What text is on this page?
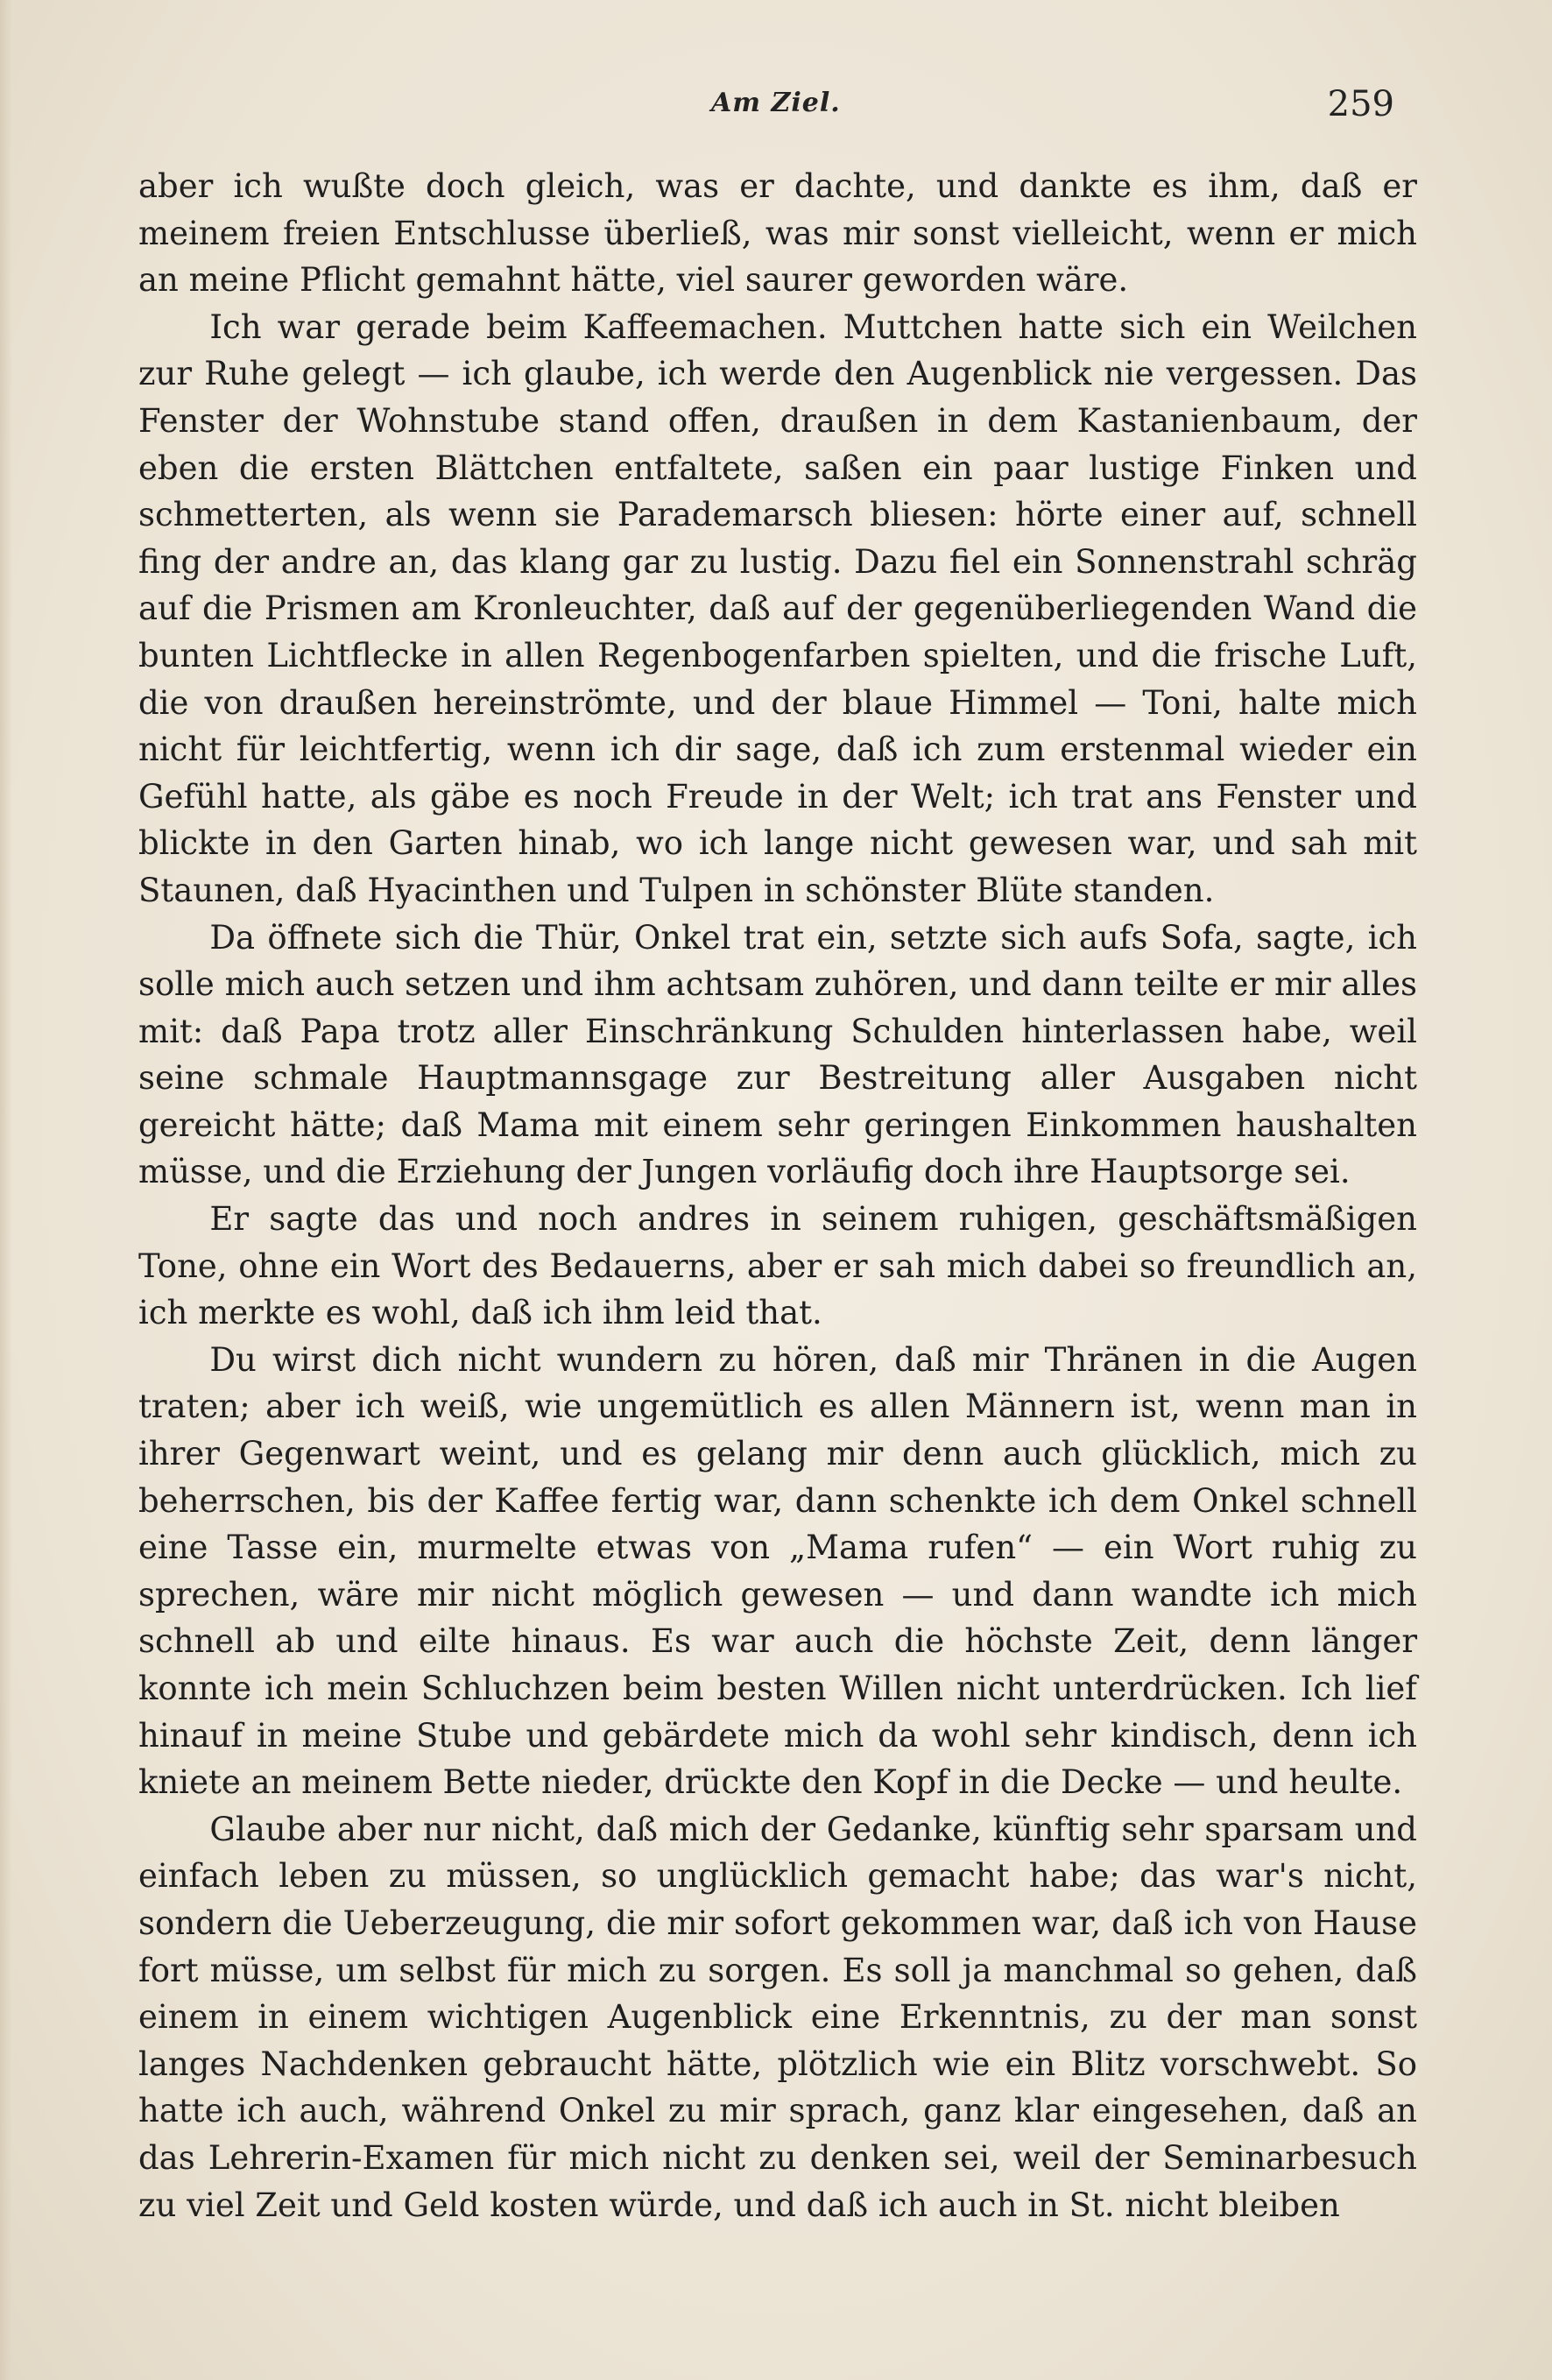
Am Ziel.	259

aber ich wußte doch gleich, was er dachte, und dankte es ihm, daß er meinem freien Entschlusse überließ, was mir sonst vielleicht, wenn er mich an meine Pflicht gemahnt hätte, viel saurer geworden wäre.

Ich war gerade beim Kaffeemachen. Muttchen hatte sich ein Weilchen zur Ruhe gelegt — ich glaube, ich werde den Augenblick nie vergessen. Das Fenster der Wohnstube stand offen, draußen in dem Kastanienbaum, der eben die ersten Blättchen entfaltete, saßen ein paar lustige Finken und schmetterten, als wenn sie Parademarsch bliesen: hörte einer auf, schnell fing der andre an, das klang gar zu lustig. Dazu fiel ein Sonnenstrahl schräg auf die Prismen am Kronleuchter, daß auf der gegenüberliegenden Wand die bunten Lichtflecke in allen Regenbogenfarben spielten, und die frische Luft, die von draußen hereinströmte, und der blaue Himmel — Toni, halte mich nicht für leichtfertig, wenn ich dir sage, daß ich zum erstenmal wieder ein Gefühl hatte, als gäbe es noch Freude in der Welt; ich trat ans Fenster und blickte in den Garten hinab, wo ich lange nicht gewesen war, und sah mit Staunen, daß Hyacinthen und Tulpen in schönster Blüte standen.

Da öffnete sich die Thür, Onkel trat ein, setzte sich aufs Sofa, sagte, ich solle mich auch setzen und ihm achtsam zuhören, und dann teilte er mir alles mit: daß Papa trotz aller Einschränkung Schulden hinterlassen habe, weil seine schmale Hauptmannsgage zur Bestreitung aller Ausgaben nicht gereicht hätte; daß Mama mit einem sehr geringen Einkommen haushalten müsse, und die Erziehung der Jungen vorläufig doch ihre Hauptsorge sei.

Er sagte das und noch andres in seinem ruhigen, geschäftsmäßigen Tone, ohne ein Wort des Bedauerns, aber er sah mich dabei so freundlich an, ich merkte es wohl, daß ich ihm leid that.

Du wirst dich nicht wundern zu hören, daß mir Thränen in die Augen traten; aber ich weiß, wie ungemütlich es allen Männern ist, wenn man in ihrer Gegenwart weint, und es gelang mir denn auch glücklich, mich zu beherrschen, bis der Kaffee fertig war, dann schenkte ich dem Onkel schnell eine Tasse ein, murmelte etwas von „Mama rufen“ — ein Wort ruhig zu sprechen, wäre mir nicht möglich gewesen — und dann wandte ich mich schnell ab und eilte hinaus. Es war auch die höchste Zeit, denn länger konnte ich mein Schluchzen beim besten Willen nicht unterdrücken. Ich lief hinauf in meine Stube und gebärdete mich da wohl sehr kindisch, denn ich kniete an meinem Bette nieder, drückte den Kopf in die Decke — und heulte.

Glaube aber nur nicht, daß mich der Gedanke, künftig sehr sparsam und einfach leben zu müssen, so unglücklich gemacht habe; das war's nicht, sondern die Ueberzeugung, die mir sofort gekommen war, daß ich von Hause fort müsse, um selbst für mich zu sorgen. Es soll ja manchmal so gehen, daß einem in einem wichtigen Augenblick eine Erkenntnis, zu der man sonst langes Nachdenken gebraucht hätte, plötzlich wie ein Blitz vorschwebt. So hatte ich auch, während Onkel zu mir sprach, ganz klar eingesehen, daß an das Lehrerin-Examen für mich nicht zu denken sei, weil der Seminarbesuch zu viel Zeit und Geld kosten würde, und daß ich auch in St. nicht bleiben
